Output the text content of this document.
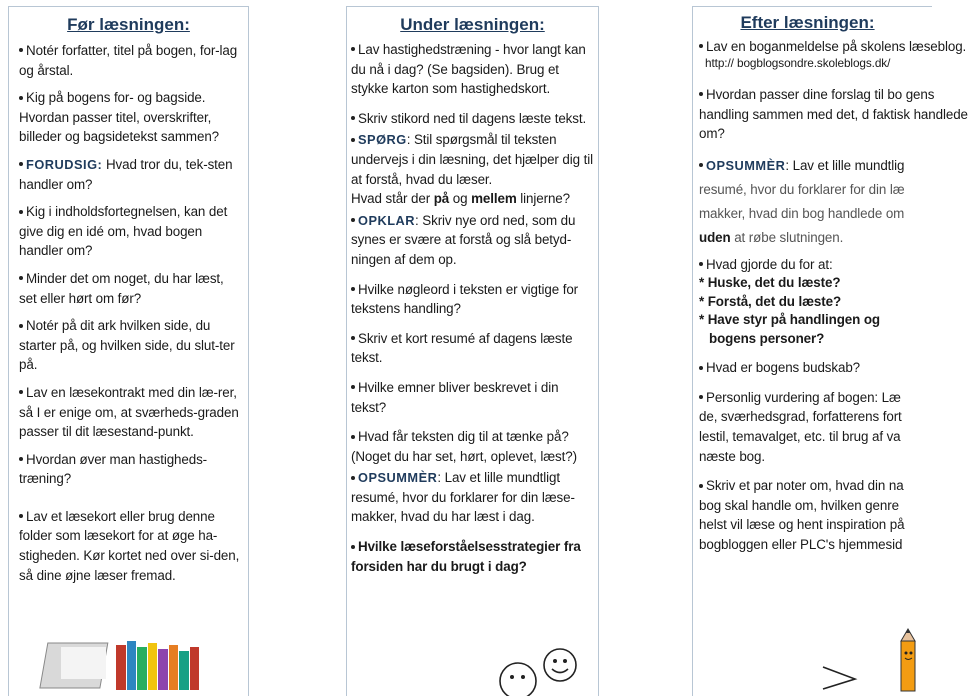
Før læsningen:
Notér forfatter, titel på bogen, for-lag og årstal.
Kig på bogens for- og bagside. Hvordan passer titel, overskrifter, billeder og bagsidetekst sammen?
FORUDSIG: Hvad tror du, tek-sten handler om?
Kig i indholdsfortegnelsen, kan det give dig en idé om, hvad bogen handler om?
Minder det om noget, du har læst, set eller hørt om før?
Notér på dit ark hvilken side, du starter på, og hvilken side, du slut-ter på.
Lav en læsekontrakt med din læ-rer, så I er enige om, at sværheds-graden passer til dit læsestand-punkt.
Hvordan øver man hastigheds-træning?
Lav et læsekort eller brug denne folder som læsekort for at øge ha-stigheden. Kør kortet ned over si-den, så dine øjne læser fremad.
Under læsningen:
Lav hastighedstræning - hvor langt kan du nå i dag? (Se bagsiden). Brug et stykke karton som hastighedskort.
Skriv stikord ned til dagens læste tekst.
SPØRG: Stil spørgsmål til teksten undervejs i din læsning, det hjælper dig til at forstå, hvad du læser.
Hvad står der på og mellem linjerne?
OPKLAR: Skriv nye ord ned, som du synes er svære at forstå og slå betyd-ningen af dem op.
Hvilke nøgleord i teksten er vigtige for tekstens handling?
Skriv et kort resumé af dagens læste tekst.
Hvilke emner bliver beskrevet i din tekst?
Hvad får teksten dig til at tænke på? (Noget du har set, hørt, oplevet, læst?)
OPSUMMÈR: Lav et lille mundtligt resumé, hvor du forklarer for din læse-makker, hvad du har læst i dag.
Hvilke læseforståelsesstrategier fra forsiden har du brugt i dag?
Efter læsningen:
Lav en boganmeldelse på skolens læseblog.
http:// bogblogsondre.skoleblogs.dk/
Hvordan passer dine forslag til bo gens handling sammen med det, d faktisk handlede om?
OPSUMMÈR: Lav et lille mundtlig
resumé, hvor du forklarer for din læ
makker, hvad din bog handlede om
uden at røbe slutningen.
Hvad gjorde du for at:
* Huske, det du læste?
* Forstå, det du læste?
* Have styr på handlingen og
bogens personer?
Hvad er bogens budskab?
Personlig vurdering af bogen: Læ de, sværhedsgrad, forfatterens fort lestil, temavalget, etc. til brug af va næste bog.
Skriv et par noter om, hvad din na bog skal handle om, hvilken genre helst vil læse og hent inspiration på bogbloggen eller PLC's hjemmesid
